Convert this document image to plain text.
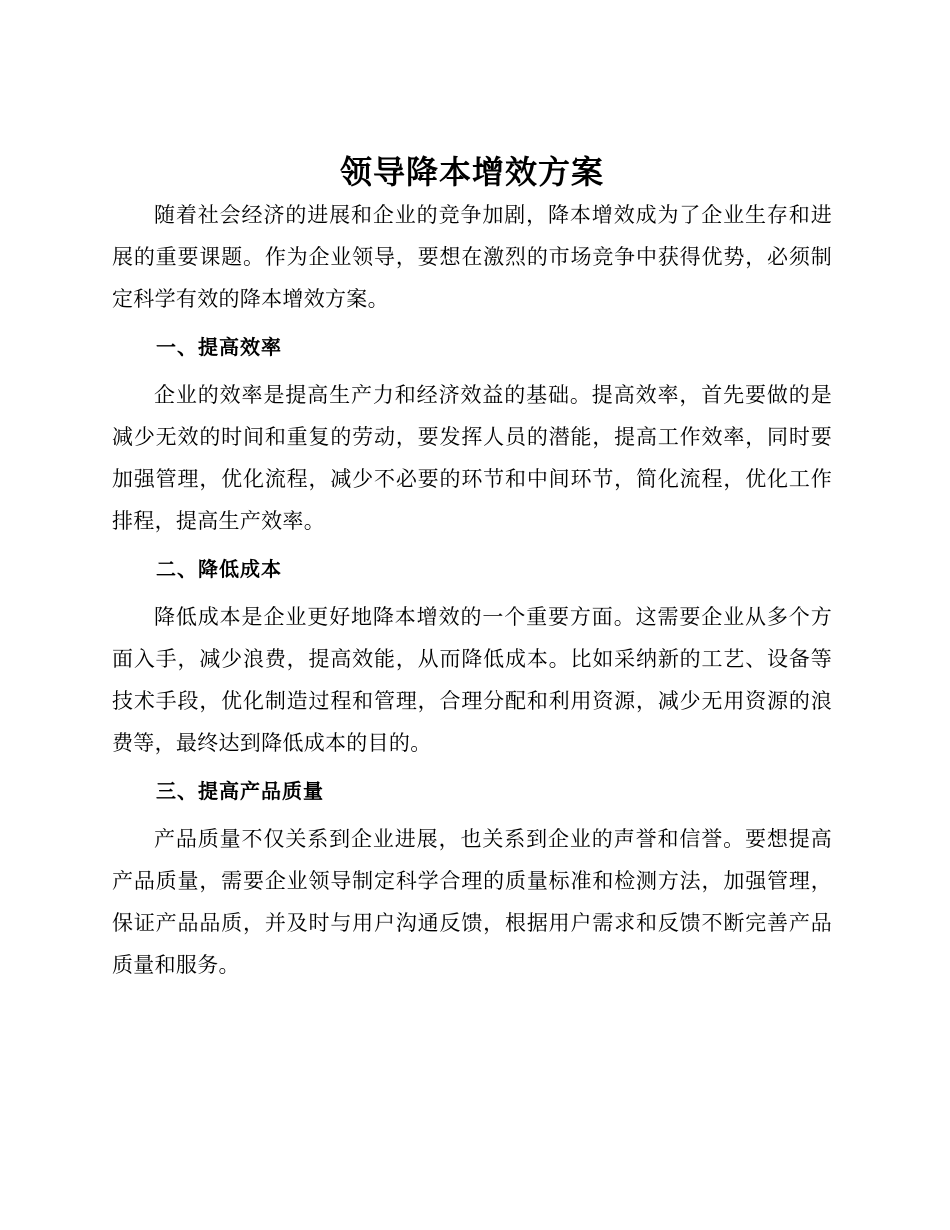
领导降本增效方案

随着社会经济的进展和企业的竞争加剧，降本增效成为了企业生存和进展的重要课题。作为企业领导，要想在激烈的市场竞争中获得优势，必须制定科学有效的降本增效方案。

一、提高效率

企业的效率是提高生产力和经济效益的基础。提高效率，首先要做的是减少无效的时间和重复的劳动，要发挥人员的潜能，提高工作效率，同时要加强管理，优化流程，减少不必要的环节和中间环节，简化流程，优化工作排程，提高生产效率。

二、降低成本

降低成本是企业更好地降本增效的一个重要方面。这需要企业从多个方面入手，减少浪费，提高效能，从而降低成本。比如采纳新的工艺、设备等技术手段，优化制造过程和管理，合理分配和利用资源，减少无用资源的浪费等，最终达到降低成本的目的。

三、提高产品质量

产品质量不仅关系到企业进展，也关系到企业的声誉和信誉。要想提高产品质量，需要企业领导制定科学合理的质量标准和检测方法，加强管理，保证产品品质，并及时与用户沟通反馈，根据用户需求和反馈不断完善产品质量和服务。
